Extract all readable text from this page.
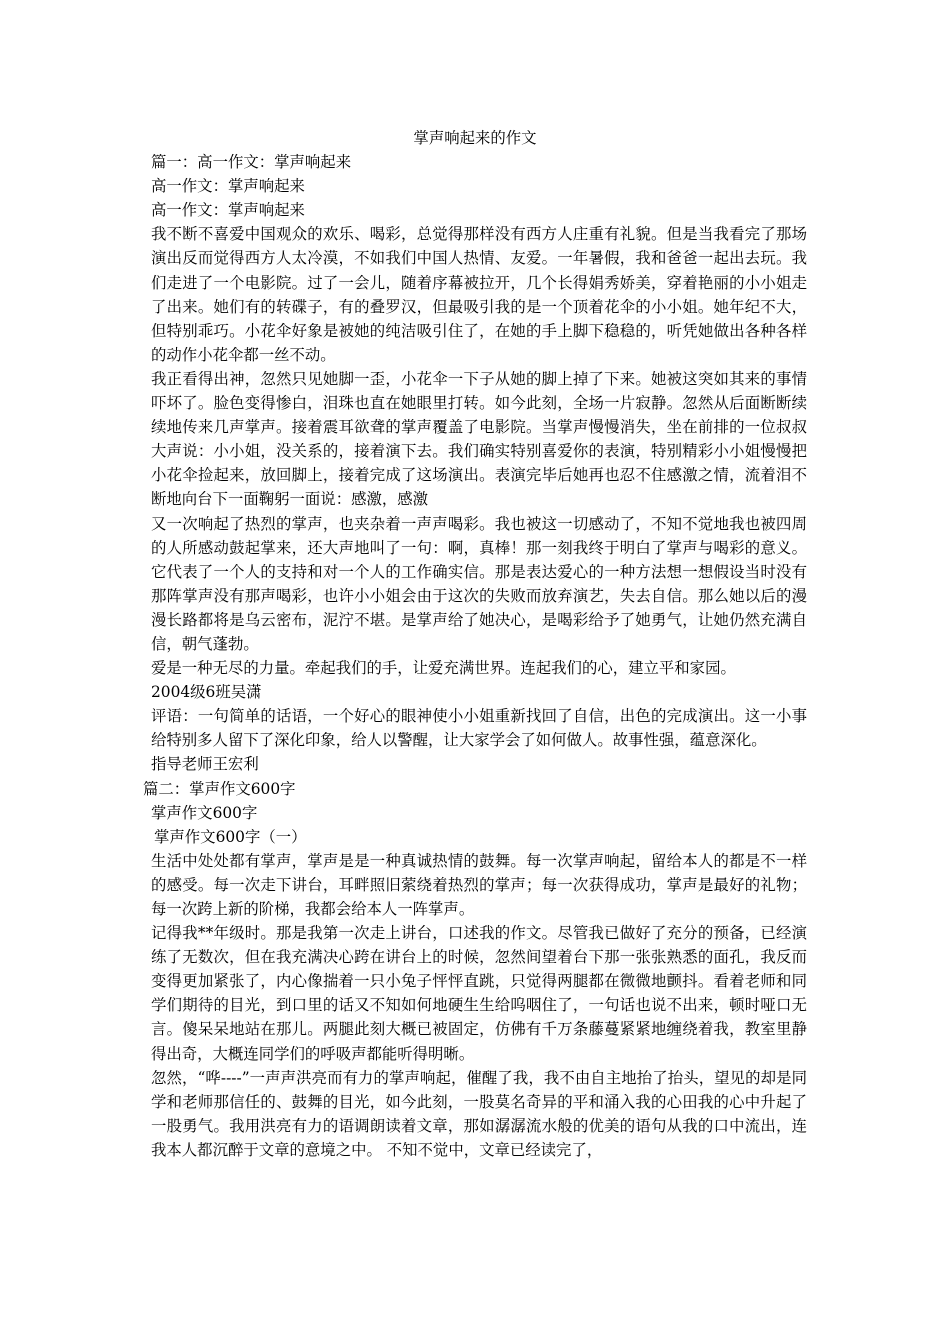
掌声响起来的作文

篇一：高一作文：掌声响起来

高一作文：掌声响起来

高一作文：掌声响起来

我不断不喜爱中国观众的欢乐、喝彩，总觉得那样没有西方人庄重有礼貌。但是当我看完了那场演出反而觉得西方人太冷漠，不如我们中国人热情、友爱。一年暑假，我和爸爸一起出去玩。我们走进了一个电影院。过了一会儿，随着序幕被拉开，几个长得娟秀娇美，穿着艳丽的小小姐走了出来。她们有的转碟子，有的叠罗汉，但最吸引我的是一个顶着花伞的小小姐。她年纪不大，但特别乖巧。小花伞好象是被她的纯洁吸引住了，在她的手上脚下稳稳的，听凭她做出各种各样的动作小花伞都一丝不动。

我正看得出神，忽然只见她脚一歪，小花伞一下子从她的脚上掉了下来。她被这突如其来的事情吓坏了。脸色变得惨白，泪珠也直在她眼里打转。如今此刻，全场一片寂静。忽然从后面断断续续地传来几声掌声。接着震耳欲聋的掌声覆盖了电影院。当掌声慢慢消失，坐在前排的一位叔叔大声说：小小姐，没关系的，接着演下去。我们确实特别喜爱你的表演，特别精彩小小姐慢慢把小花伞捡起来，放回脚上，接着完成了这场演出。表演完毕后她再也忍不住感激之情，流着泪不断地向台下一面鞠躬一面说：感激，感激

又一次响起了热烈的掌声，也夹杂着一声声喝彩。我也被这一切感动了，不知不觉地我也被四周的人所感动鼓起掌来，还大声地叫了一句：啊，真棒！那一刻我终于明白了掌声与喝彩的意义。它代表了一个人的支持和对一个人的工作确实信。那是表达爱心的一种方法想一想假设当时没有那阵掌声没有那声喝彩，也许小小姐会由于这次的失败而放弃演艺，失去自信。那么她以后的漫漫长路都将是乌云密布，泥泞不堪。是掌声给了她决心，是喝彩给予了她勇气，让她仍然充满自信，朝气蓬勃。

爱是一种无尽的力量。牵起我们的手，让爱充满世界。连起我们的心，建立平和家园。

2004级6班吴潇

评语：一句简单的话语，一个好心的眼神使小小姐重新找回了自信，出色的完成演出。这一小事给特别多人留下了深化印象，给人以警醒，让大家学会了如何做人。故事性强，蕴意深化。

指导老师王宏利

篇二：掌声作文600字

掌声作文600字

掌声作文600字（一）

生活中处处都有掌声，掌声是是一种真诚热情的鼓舞。每一次掌声响起，留给本人的都是不一样的感受。每一次走下讲台，耳畔照旧萦绕着热烈的掌声；每一次获得成功，掌声是最好的礼物；每一次跨上新的阶梯，我都会给本人一阵掌声。

记得我**年级时。那是我第一次走上讲台，口述我的作文。尽管我已做好了充分的预备，已经演练了无数次，但在我充满决心跨在讲台上的时候，忽然间望着台下那一张张熟悉的面孔，我反而变得更加紧张了，内心像揣着一只小兔子怦怦直跳，只觉得两腿都在微微地颤抖。看着老师和同学们期待的目光，到口里的话又不知如何地硬生生给呜咽住了，一句话也说不出来，顿时哑口无言。傻呆呆地站在那儿。两腿此刻大概已被固定，仿佛有千万条藤蔓紧紧地缠绕着我，教室里静得出奇，大概连同学们的呼吸声都能听得明晰。

忽然，“哗----”一声声洪亮而有力的掌声响起，催醒了我，我不由自主地抬了抬头，望见的却是同学和老师那信任的、鼓舞的目光，如今此刻，一股莫名奇异的平和涌入我的心田我的心中升起了一股勇气。我用洪亮有力的语调朗读着文章，那如潺潺流水般的优美的语句从我的口中流出，连我本人都沉醉于文章的意境之中。 不知不觉中，文章已经读完了，
